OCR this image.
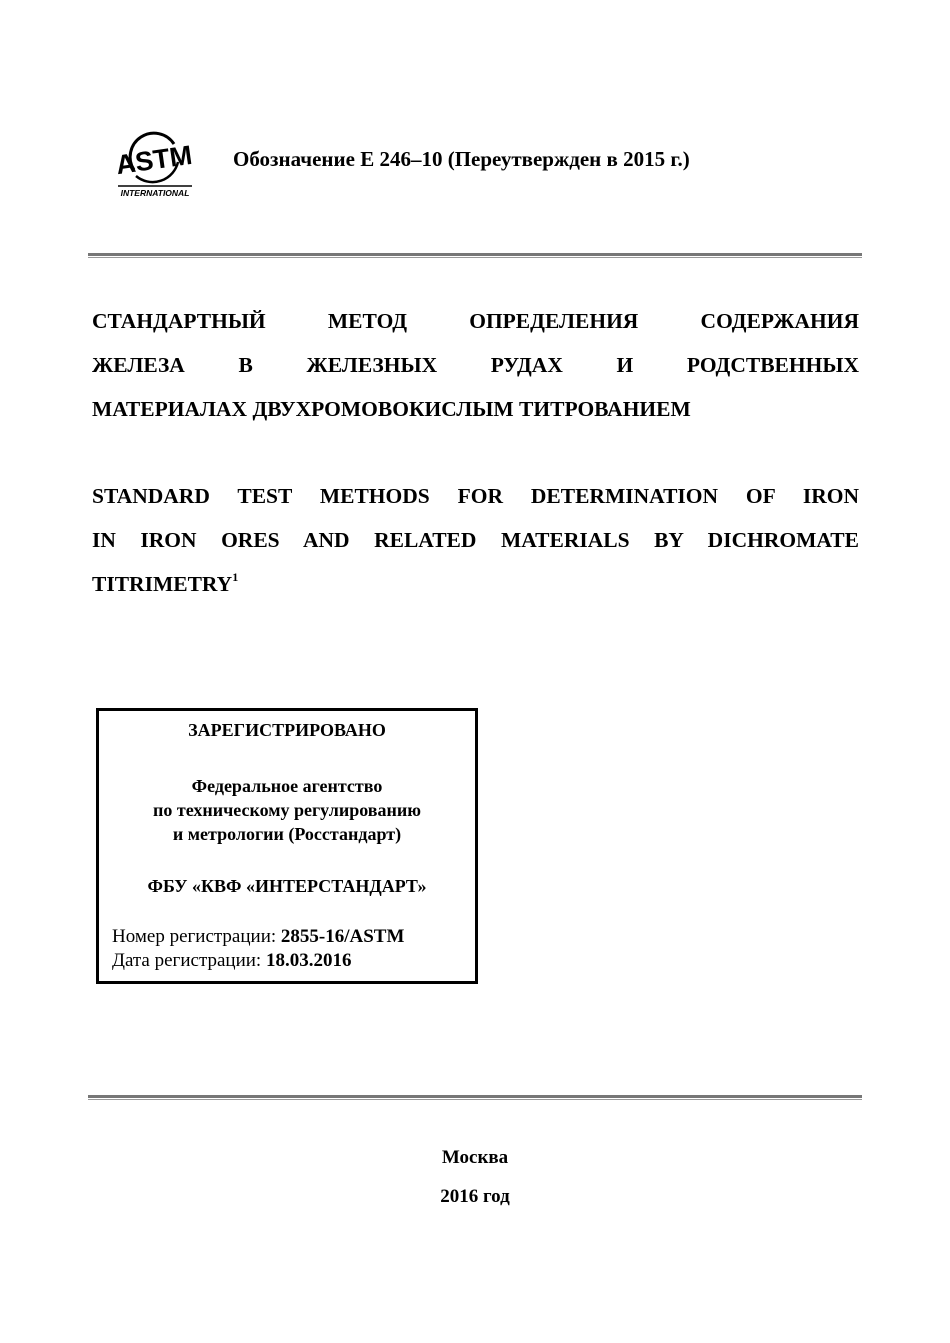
ASTM
INTERNATIONAL
Обозначение E 246–10 (Переутвержден в 2015 г.)
СТАНДАРТНЫЙ МЕТОД ОПРЕДЕЛЕНИЯ СОДЕРЖАНИЯ
ЖЕЛЕЗА В ЖЕЛЕЗНЫХ РУДАХ И РОДСТВЕННЫХ
МАТЕРИАЛАХ ДВУХРОМОВОКИСЛЫМ ТИТРОВАНИЕМ
STANDARD TEST METHODS FOR DETERMINATION OF IRON
IN IRON ORES AND RELATED MATERIALS BY DICHROMATE
TITRIMETRY$^1$
ЗАРЕГИСТРИРОВАНО
Федеральное агентство
по техническому регулированию
и метрологии (Росстандарт)
ФБУ «КВФ «ИНТЕРСТАНДАРТ»
Номер регистрации: 2855-16/ASTM
Дата регистрации: 18.03.2016
Москва
2016 год
